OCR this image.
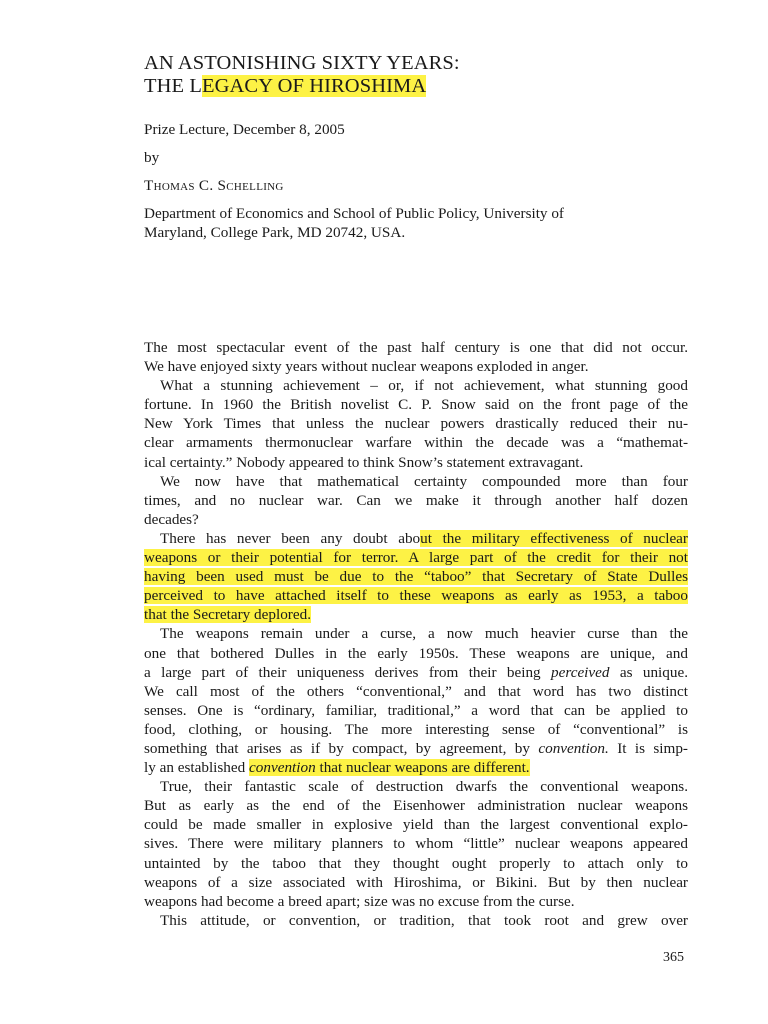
AN ASTONISHING SIXTY YEARS:
THE LEGACY OF HIROSHIMA
Prize Lecture, December 8, 2005
by
Thomas C. Schelling
Department of Economics and School of Public Policy, University of
Maryland, College Park, MD 20742, USA.
The most spectacular event of the past half century is one that did not occur.
We have enjoyed sixty years without nuclear weapons exploded in anger.
What a stunning achievement – or, if not achievement, what stunning good
fortune. In 1960 the British novelist C. P. Snow said on the front page of the
New York Times that unless the nuclear powers drastically reduced their nu-
clear armaments thermonuclear warfare within the decade was a “mathemat-
ical certainty.” Nobody appeared to think Snow’s statement extravagant.
We now have that mathematical certainty compounded more than four
times, and no nuclear war. Can we make it through another half dozen
decades?
There has never been any doubt about the military effectiveness of nuclear
weapons or their potential for terror. A large part of the credit for their not
having been used must be due to the “taboo” that Secretary of State Dulles
perceived to have attached itself to these weapons as early as 1953, a taboo
that the Secretary deplored.
The weapons remain under a curse, a now much heavier curse than the
one that bothered Dulles in the early 1950s. These weapons are unique, and
a large part of their uniqueness derives from their being perceived as unique.
We call most of the others “conventional,” and that word has two distinct
senses. One is “ordinary, familiar, traditional,” a word that can be applied to
food, clothing, or housing. The more interesting sense of “conventional” is
something that arises as if by compact, by agreement, by convention. It is simp-
ly an established convention that nuclear weapons are different.
True, their fantastic scale of destruction dwarfs the conventional weapons.
But as early as the end of the Eisenhower administration nuclear weapons
could be made smaller in explosive yield than the largest conventional explo-
sives. There were military planners to whom “little” nuclear weapons appeared
untainted by the taboo that they thought ought properly to attach only to
weapons of a size associated with Hiroshima, or Bikini. But by then nuclear
weapons had become a breed apart; size was no excuse from the curse.
This attitude, or convention, or tradition, that took root and grew over
365
